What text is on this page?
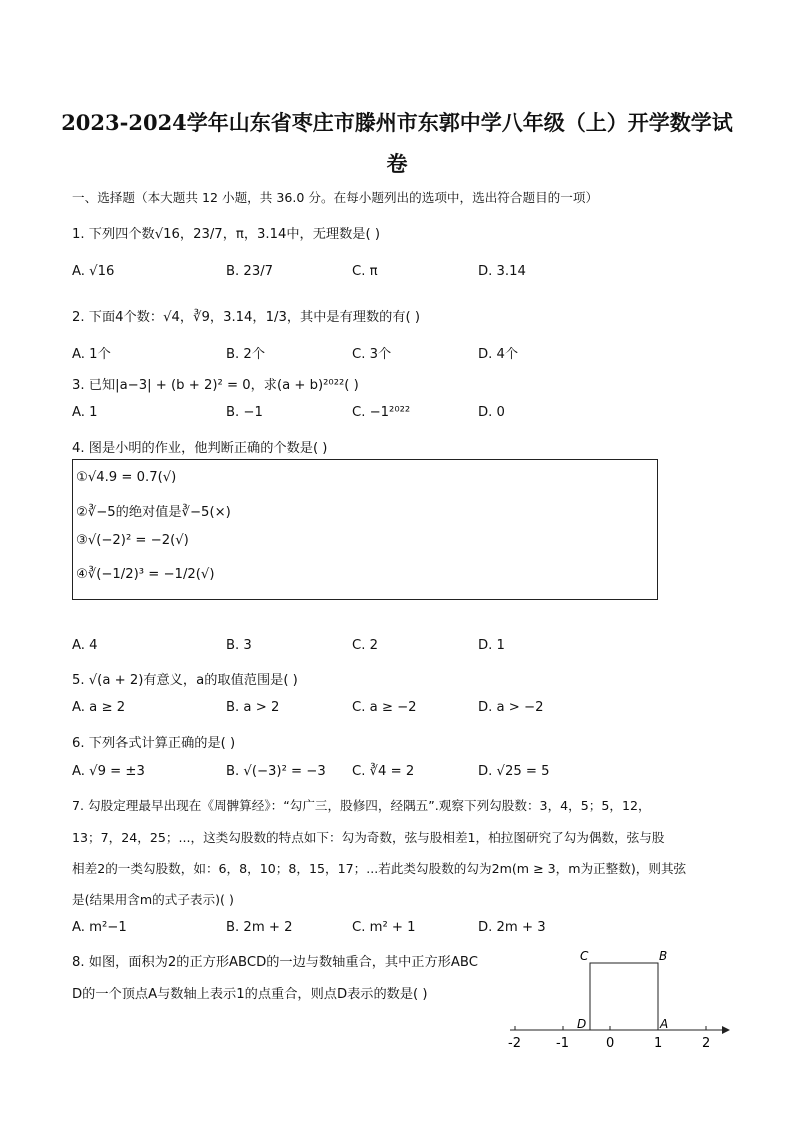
2023-2024学年山东省枣庄市滕州市东郭中学八年级（上）开学数学试
卷
一、选择题（本大题共 12 小题，共 36.0 分。在每小题列出的选项中，选出符合题目的一项）
1. 下列四个数√16，23/7，π，3.14中，无理数是( )
A. √16	B. 23/7	C. π	D. 3.14
2. 下面4个数：√4，∛9，3.14，1/3，其中是有理数的有( )
A. 1个	B. 2个	C. 3个	D. 4个
3. 已知|a−3| + (b + 2)² = 0，求(a + b)²⁰²²( )
A. 1	B. −1	C. −1²⁰²²	D. 0
4. 图是小明的作业，他判断正确的个数是( )
①√4.9 = 0.7(√)
②∛−5的绝对值是∛−5(×)
③√(−2)² = −2(√)
④∛(−1/2)³ = −1/2(√)
A. 4	B. 3	C. 2	D. 1
5. √(a + 2)有意义，a的取值范围是( )
A. a ≥ 2	B. a > 2	C. a ≥ −2	D. a > −2
6. 下列各式计算正确的是( )
A. √9 = ±3	B. √(−3)² = −3 C. ∛4 = 2	D. √25 = 5
7. 勾股定理最早出现在《周髀算经》：“勾广三，股修四，经隅五”.观察下列勾股数：3，4，5；5，12，
13；7，24，25；...，这类勾股数的特点如下：勾为奇数，弦与股相差1，柏拉图研究了勾为偶数，弦与股
相差2的一类勾股数，如：6，8，10；8，15，17；...若此类勾股数的勾为2m(m ≥ 3，m为正整数)，则其弦
是(结果用含m的式子表示)( )
A. m²−1	B. 2m + 2	C. m² + 1	D. 2m + 3
8. 如图，面积为2的正方形ABCD的一边与数轴重合，其中正方形ABC
D的一个顶点A与数轴上表示1的点重合，则点D表示的数是( )
C	B
D	A
-2	-1	0	1	2
